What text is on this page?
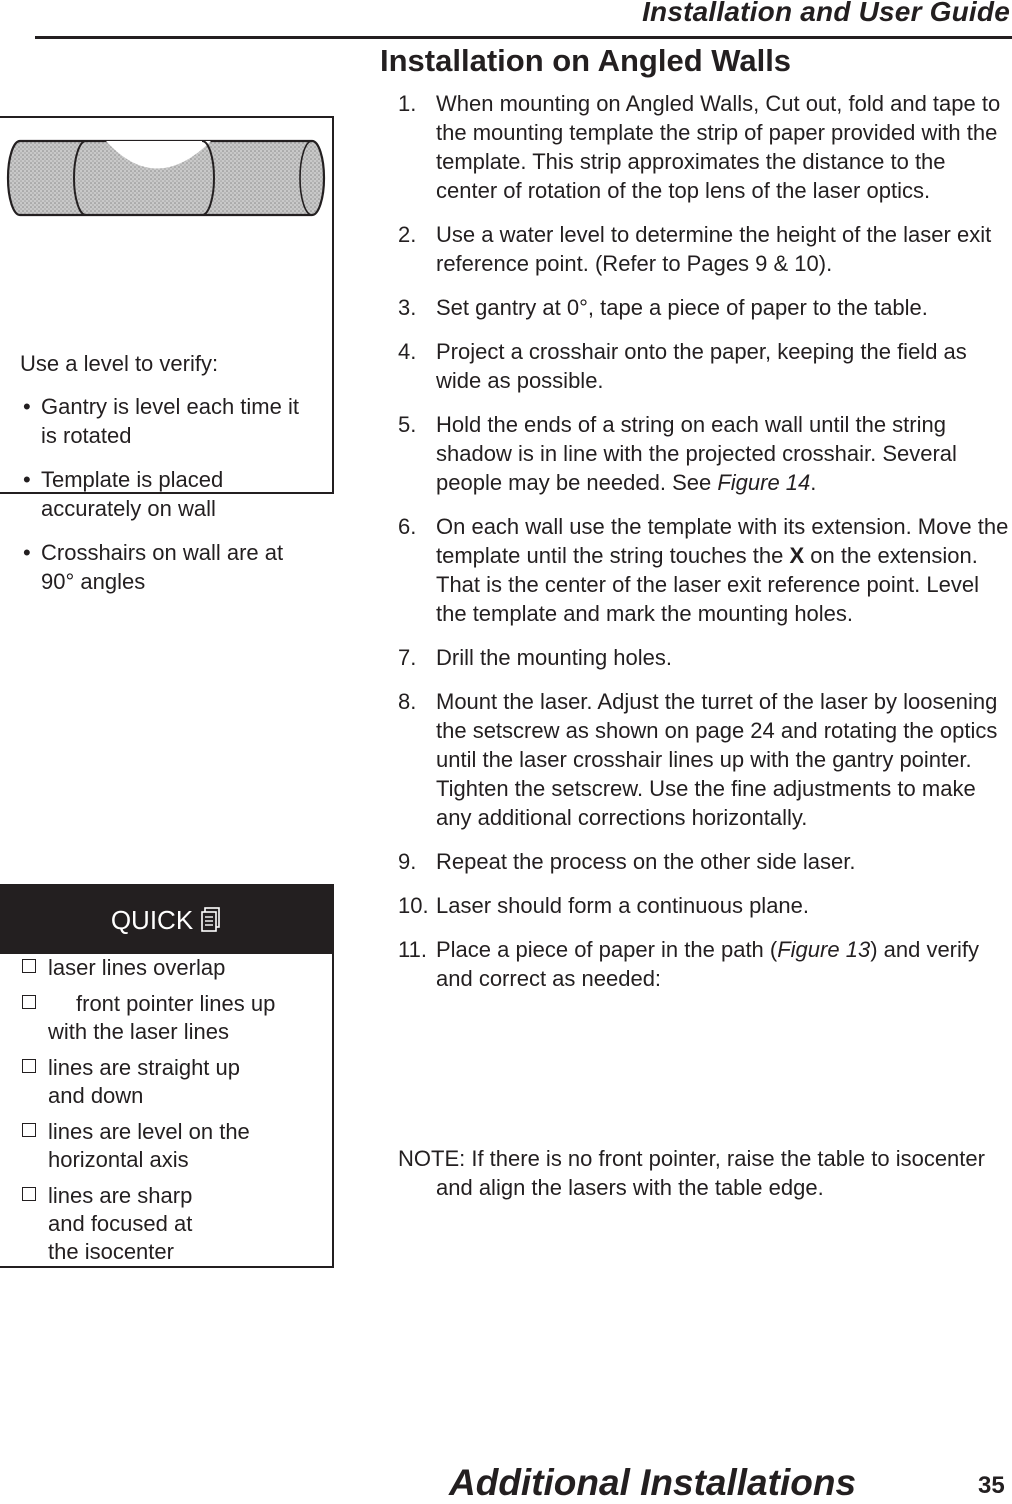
Installation and User Guide
Installation on Angled Walls
Use a level to verify:
• Gantry is level each time it is rotated
• Template is placed accurately on wall
• Crosshairs on wall are at 90° angles
QUICK
laser lines overlap
front pointer lines up with the laser lines
lines are straight up and down
lines are level on the horizontal axis
lines are sharp and focused at the isocenter
1. When mounting on Angled Walls, Cut out, fold and tape to the mounting template the strip of paper provided with the template. This strip approximates the distance to the center of rotation of the top lens of the laser optics.
2. Use a water level to determine the height of the laser exit reference point. (Refer to Pages 9 & 10).
3. Set gantry at 0°, tape a piece of paper to the table.
4. Project a crosshair onto the paper, keeping the field as wide as possible.
5. Hold the ends of a string on each wall until the string shadow is in line with the projected crosshair. Several people may be needed. See Figure 14.
6. On each wall use the template with its extension. Move the template until the string touches the X on the extension. That is the center of the laser exit reference point. Level the template and mark the mounting holes.
7. Drill the mounting holes.
8. Mount the laser. Adjust the turret of the laser by loosening the setscrew as shown on page 24 and rotating the optics until the laser crosshair lines up with the gantry pointer. Tighten the setscrew. Use the fine adjustments to make any additional corrections horizontally.
9. Repeat the process on the other side laser.
10. Laser should form a continuous plane.
11. Place a piece of paper in the path (Figure 13) and verify and correct as needed:
NOTE: If there is no front pointer, raise the table to isocenter and align the lasers with the table edge.
Additional Installations	35
